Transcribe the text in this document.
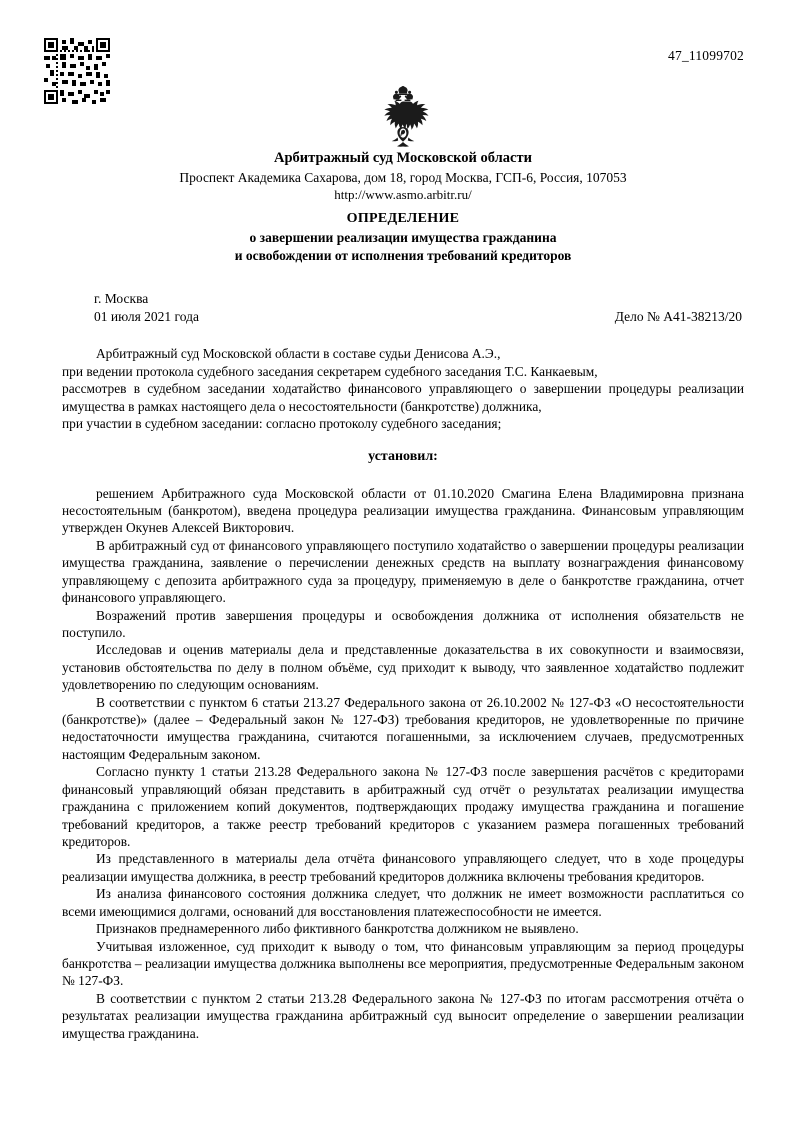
47_11099702
Арбитражный суд Московской области
Проспект Академика Сахарова, дом 18, город Москва, ГСП-6, Россия, 107053
http://www.asmo.arbitr.ru/
ОПРЕДЕЛЕНИЕ
о завершении реализации имущества гражданина
и освобождении от исполнения требований кредиторов
г. Москва
01 июля 2021 года	Дело № А41-38213/20

Арбитражный суд Московской области в составе судьи Денисова А.Э.,

при ведении протокола судебного заседания секретарем судебного заседания Т.С. Канкаевым,

рассмотрев в судебном заседании ходатайство финансового управляющего о завершении процедуры реализации имущества в рамках настоящего дела о несостоятельности (банкротстве) должника,

при участии в судебном заседании: согласно протоколу судебного заседания;

установил:

решением Арбитражного суда Московской области от 01.10.2020 Смагина Елена Владимировна признана несостоятельным (банкротом), введена процедура реализации имущества гражданина. Финансовым управляющим утвержден Окунев Алексей Викторович.

В арбитражный суд от финансового управляющего поступило ходатайство о завершении процедуры реализации имущества гражданина, заявление о перечислении денежных средств на выплату вознаграждения финансовому управляющему с депозита арбитражного суда за процедуру, применяемую в деле о банкротстве гражданина, отчет финансового управляющего.

Возражений против завершения процедуры и освобождения должника от исполнения обязательств не поступило.

Исследовав и оценив материалы дела и представленные доказательства в их совокупности и взаимосвязи, установив обстоятельства по делу в полном объёме, суд приходит к выводу, что заявленное ходатайство подлежит удовлетворению по следующим основаниям.

В соответствии с пунктом 6 статьи 213.27 Федерального закона от 26.10.2002 № 127-ФЗ «О несостоятельности (банкротстве)» (далее – Федеральный закон № 127-ФЗ) требования кредиторов, не удовлетворенные по причине недостаточности имущества гражданина, считаются погашенными, за исключением случаев, предусмотренных настоящим Федеральным законом.

Согласно пункту 1 статьи 213.28 Федерального закона № 127-ФЗ после завершения расчётов с кредиторами финансовый управляющий обязан представить в арбитражный суд отчёт о результатах реализации имущества гражданина с приложением копий документов, подтверждающих продажу имущества гражданина и погашение требований кредиторов, а также реестр требований кредиторов с указанием размера погашенных требований кредиторов.

Из представленного в материалы дела отчёта финансового управляющего следует, что в ходе процедуры реализации имущества должника, в реестр требований кредиторов должника включены требования кредиторов.

Из анализа финансового состояния должника следует, что должник не имеет возможности расплатиться со всеми имеющимися долгами, оснований для восстановления платежеспособности не имеется.

Признаков преднамеренного либо фиктивного банкротства должником не выявлено.

Учитывая изложенное, суд приходит к выводу о том, что финансовым управляющим за период процедуры банкротства – реализации имущества должника выполнены все мероприятия, предусмотренные Федеральным законом № 127-ФЗ.

В соответствии с пунктом 2 статьи 213.28 Федерального закона № 127-ФЗ по итогам рассмотрения отчёта о результатах реализации имущества гражданина арбитражный суд выносит определение о завершении реализации имущества гражданина.
